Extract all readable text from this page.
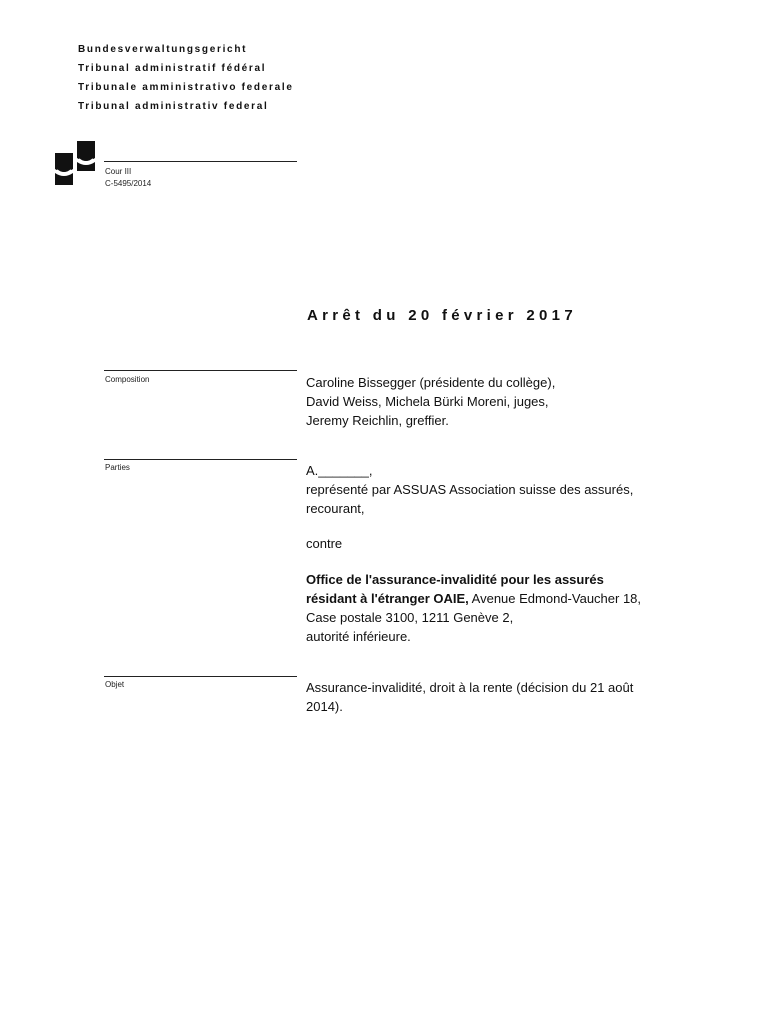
Bundesverwaltungsgericht
Tribunal administratif fédéral
Tribunale amministrativo federale
Tribunal administrativ federal
Cour III
C-5495/2014
Arrêt du 20 février 2017
Composition	Caroline Bissegger (présidente du collège),
David Weiss, Michela Bürki Moreni, juges,
Jeremy Reichlin, greffier.
Parties	A._______,
représenté par ASSUAS Association suisse des assurés,
recourant,
contre
Office de l'assurance-invalidité pour les assurés
résidant à l'étranger OAIE, Avenue Edmond-Vaucher 18,
Case postale 3100, 1211 Genève 2,
autorité inférieure.
Objet	Assurance-invalidité, droit à la rente (décision du 21 août
2014).
